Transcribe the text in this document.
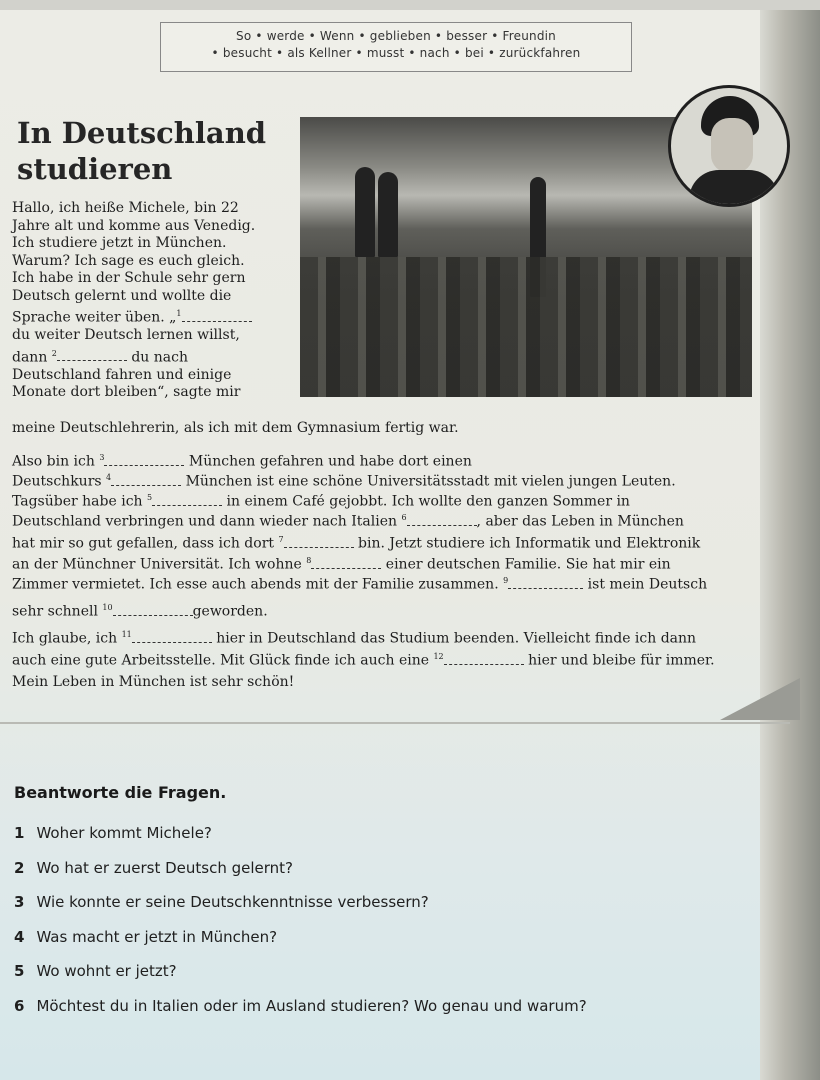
So • werde • Wenn • geblieben • besser • Freundin
• besucht • als Kellner • musst • nach • bei • zurückfahren
In Deutschland
studieren
Hallo, ich heiße Michele, bin 22
Jahre alt und komme aus Venedig.
Ich studiere jetzt in München.
Warum? Ich sage es euch gleich.
Ich habe in der Schule sehr gern
Deutsch gelernt und wollte die
Sprache weiter üben. „$^1$
du weiter Deutsch lernen willst,
dann $^2$	du nach
Deutschland fahren und einige
Monate dort bleiben“, sagte mir
meine Deutschlehrerin, als ich mit dem Gymnasium fertig war.
Also bin ich $^3$	München gefahren und habe dort einen
Deutschkurs $^4$	München ist eine schöne Universitätsstadt mit vielen jungen Leuten.
Tagsüber habe ich $^5$	in einem Café gejobbt. Ich wollte den ganzen Sommer in
Deutschland verbringen und dann wieder nach Italien $^6$	, aber das Leben in München
hat mir so gut gefallen, dass ich dort $^7$	bin. Jetzt studiere ich Informatik und Elektronik
an der Münchner Universität. Ich wohne $^8$	einer deutschen Familie. Sie hat mir ein
Zimmer vermietet. Ich esse auch abends mit der Familie zusammen. $^9$	ist mein Deutsch
sehr schnell $^{10}$	geworden.
Ich glaube, ich $^{11}$	hier in Deutschland das Studium beenden. Vielleicht finde ich dann
auch eine gute Arbeitsstelle. Mit Glück finde ich auch eine $^{12}$	hier und bleibe für immer.
Mein Leben in München ist sehr schön!
Beantworte die Fragen.
1 Woher kommt Michele?
2 Wo hat er zuerst Deutsch gelernt?
3 Wie konnte er seine Deutschkenntnisse verbessern?
4 Was macht er jetzt in München?
5 Wo wohnt er jetzt?
6 Möchtest du in Italien oder im Ausland studieren? Wo genau und warum?
